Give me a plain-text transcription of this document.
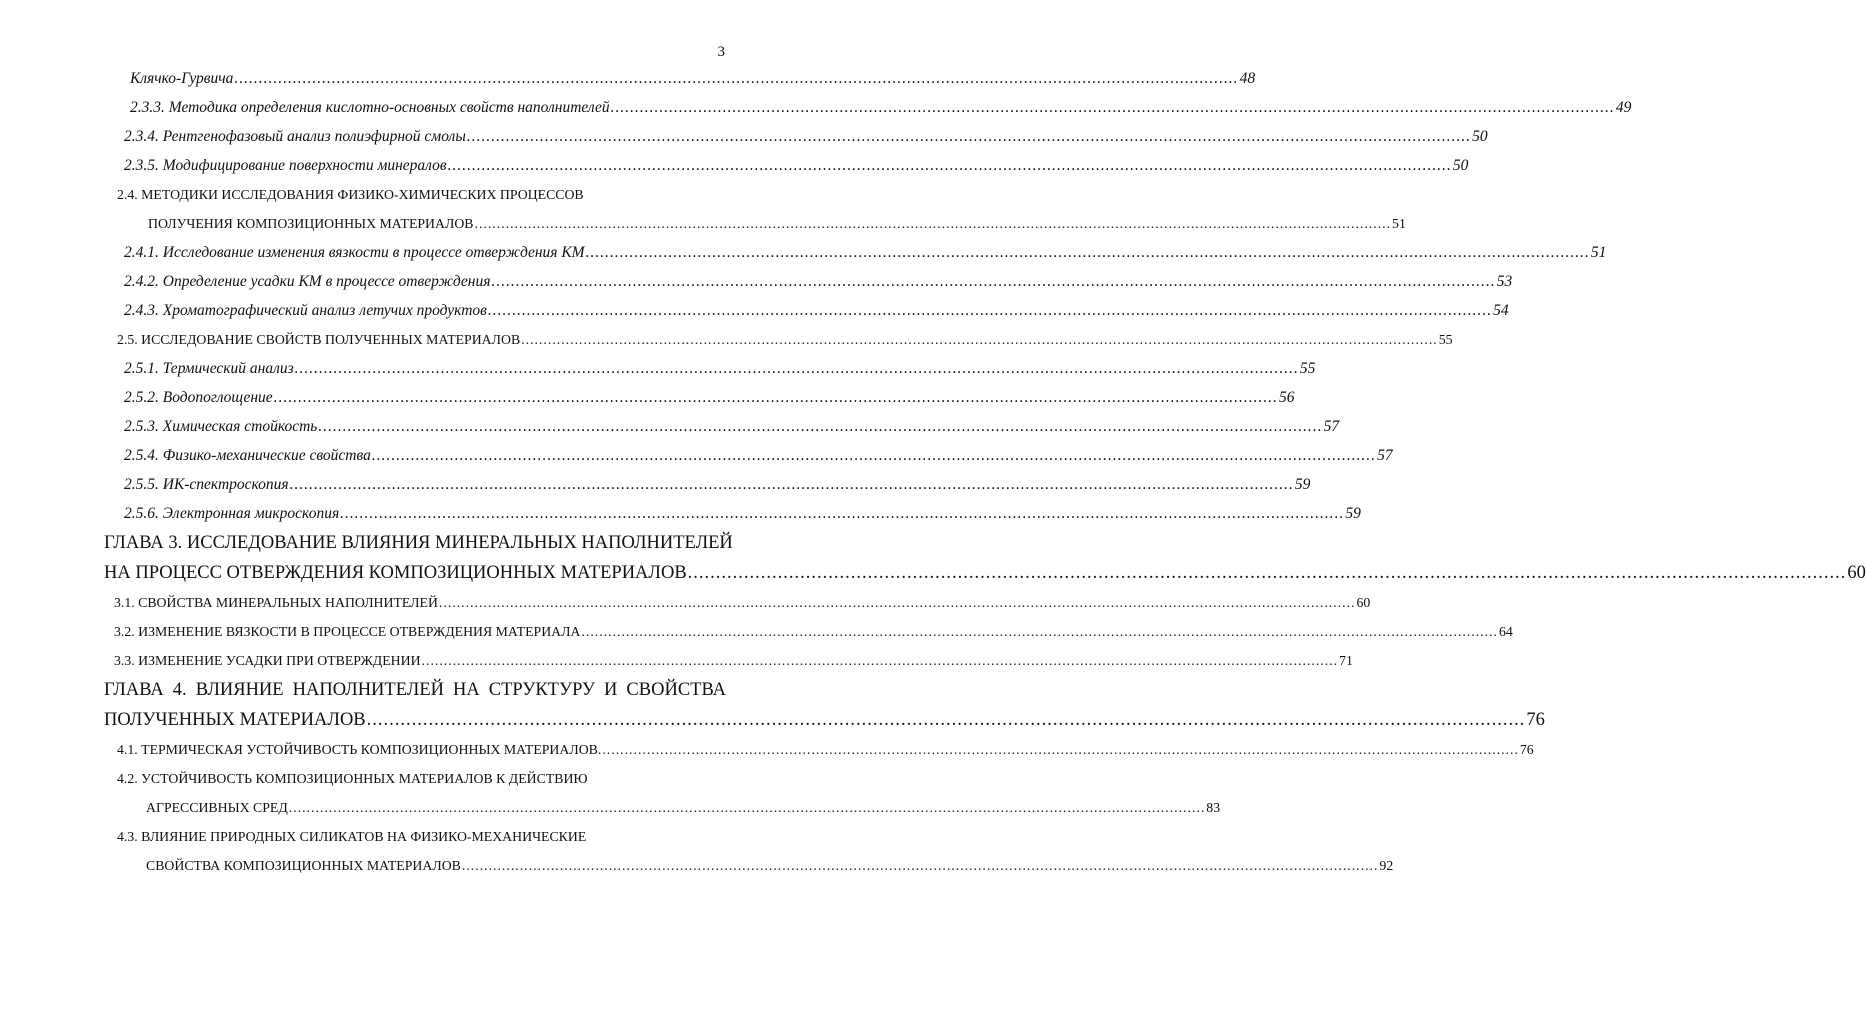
3
Клячко-Гурвича .....	48
2.3.3. Методика определения кислотно-основных свойств наполнителей .....	49
2.3.4. Рентгенофазовый анализ полиэфирной смолы .....	50
2.3.5. Модифицирование поверхности минералов .....	50
2.4. МЕТОДИКИ ИССЛЕДОВАНИЯ ФИЗИКО-ХИМИЧЕСКИХ ПРОЦЕССОВ
ПОЛУЧЕНИЯ КОМПОЗИЦИОННЫХ МАТЕРИАЛОВ .....	51
2.4.1. Исследование изменения вязкости в процессе отверждения КМ .....	51
2.4.2. Определение усадки КМ в процессе отверждения .....	53
2.4.3. Хроматографический анализ летучих продуктов .....	54
2.5. ИССЛЕДОВАНИЕ СВОЙСТВ ПОЛУЧЕННЫХ МАТЕРИАЛОВ .....	55
2.5.1. Термический анализ .....	55
2.5.2. Водопоглощение .....	56
2.5.3. Химическая стойкость .....	57
2.5.4. Физико-механические свойства .....	57
2.5.5. ИК-спектроскопия .....	59
2.5.6. Электронная микроскопия .....	59
ГЛАВА 3. ИССЛЕДОВАНИЕ ВЛИЯНИЯ МИНЕРАЛЬНЫХ НАПОЛНИТЕЛЕЙ
НА ПРОЦЕСС ОТВЕРЖДЕНИЯ КОМПОЗИЦИОННЫХ МАТЕРИАЛОВ .....	60
3.1. СВОЙСТВА МИНЕРАЛЬНЫХ НАПОЛНИТЕЛЕЙ .....	60
3.2. ИЗМЕНЕНИЕ ВЯЗКОСТИ В ПРОЦЕССЕ ОТВЕРЖДЕНИЯ МАТЕРИАЛА .....	64
3.3. ИЗМЕНЕНИЕ УСАДКИ ПРИ ОТВЕРЖДЕНИИ .....	71
ГЛАВА 4. ВЛИЯНИЕ НАПОЛНИТЕЛЕЙ НА СТРУКТУРУ И СВОЙСТВА
ПОЛУЧЕННЫХ МАТЕРИАЛОВ .....	76
4.1. ТЕРМИЧЕСКАЯ УСТОЙЧИВОСТЬ КОМПОЗИЦИОННЫХ МАТЕРИАЛОВ. .....	76
4.2. УСТОЙЧИВОСТЬ КОМПОЗИЦИОННЫХ МАТЕРИАЛОВ К ДЕЙСТВИЮ
АГРЕССИВНЫХ СРЕД .....	83
4.3. ВЛИЯНИЕ ПРИРОДНЫХ СИЛИКАТОВ НА ФИЗИКО-МЕХАНИЧЕСКИЕ
СВОЙСТВА КОМПОЗИЦИОННЫХ МАТЕРИАЛОВ .....	92
